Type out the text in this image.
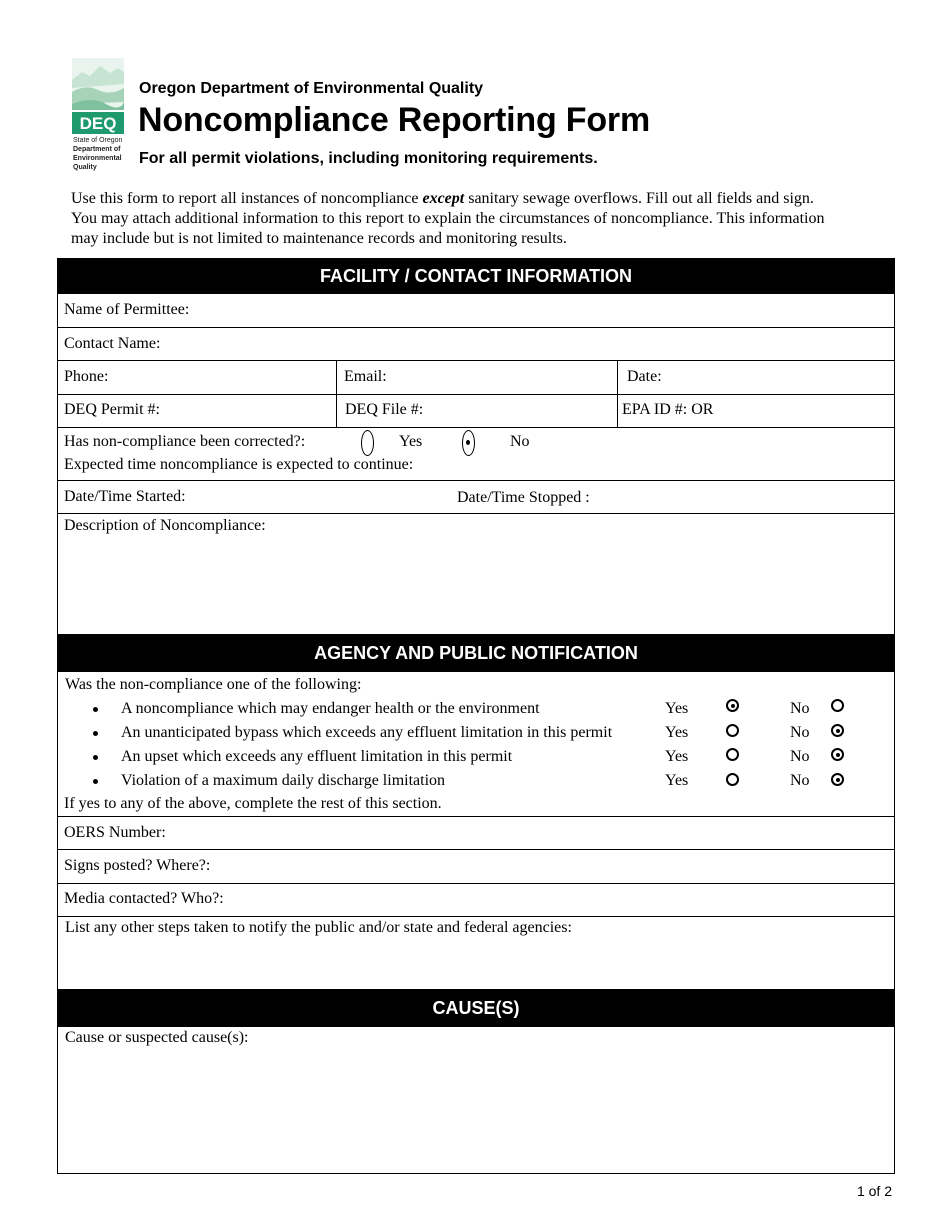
DEQ
State of Oregon
Department of
Environmental
Quality
Oregon Department of Environmental Quality
Noncompliance Reporting Form
For all permit violations, including monitoring requirements.

Use this form to report all instances of noncompliance except sanitary sewage overflows. Fill out all fields and sign.

You may attach additional information to this report to explain the circumstances of noncompliance. This information

may include but is not limited to maintenance records and monitoring results.

FACILITY / CONTACT INFORMATION
Name of Permittee:
Contact Name:
Phone:	Email:	Date:
DEQ Permit #:	DEQ File #:	EPA ID #: OR
Has non-compliance been corrected?:	Yes	No
Expected time noncompliance is expected to continue:
Date/Time Started:	Date/Time Stopped :
Description of Noncompliance:
AGENCY AND PUBLIC NOTIFICATION
Was the non-compliance one of the following:
A noncompliance which may endanger health or the environment	Yes	No
An unanticipated bypass which exceeds any effluent limitation in this permit	Yes	No
An upset which exceeds any effluent limitation in this permit	Yes	No
Violation of a maximum daily discharge limitation	Yes	No
If yes to any of the above, complete the rest of this section.
OERS Number:
Signs posted? Where?:
Media contacted? Who?:
List any other steps taken to notify the public and/or state and federal agencies:
CAUSE(S)
Cause or suspected cause(s):
1 of 2
